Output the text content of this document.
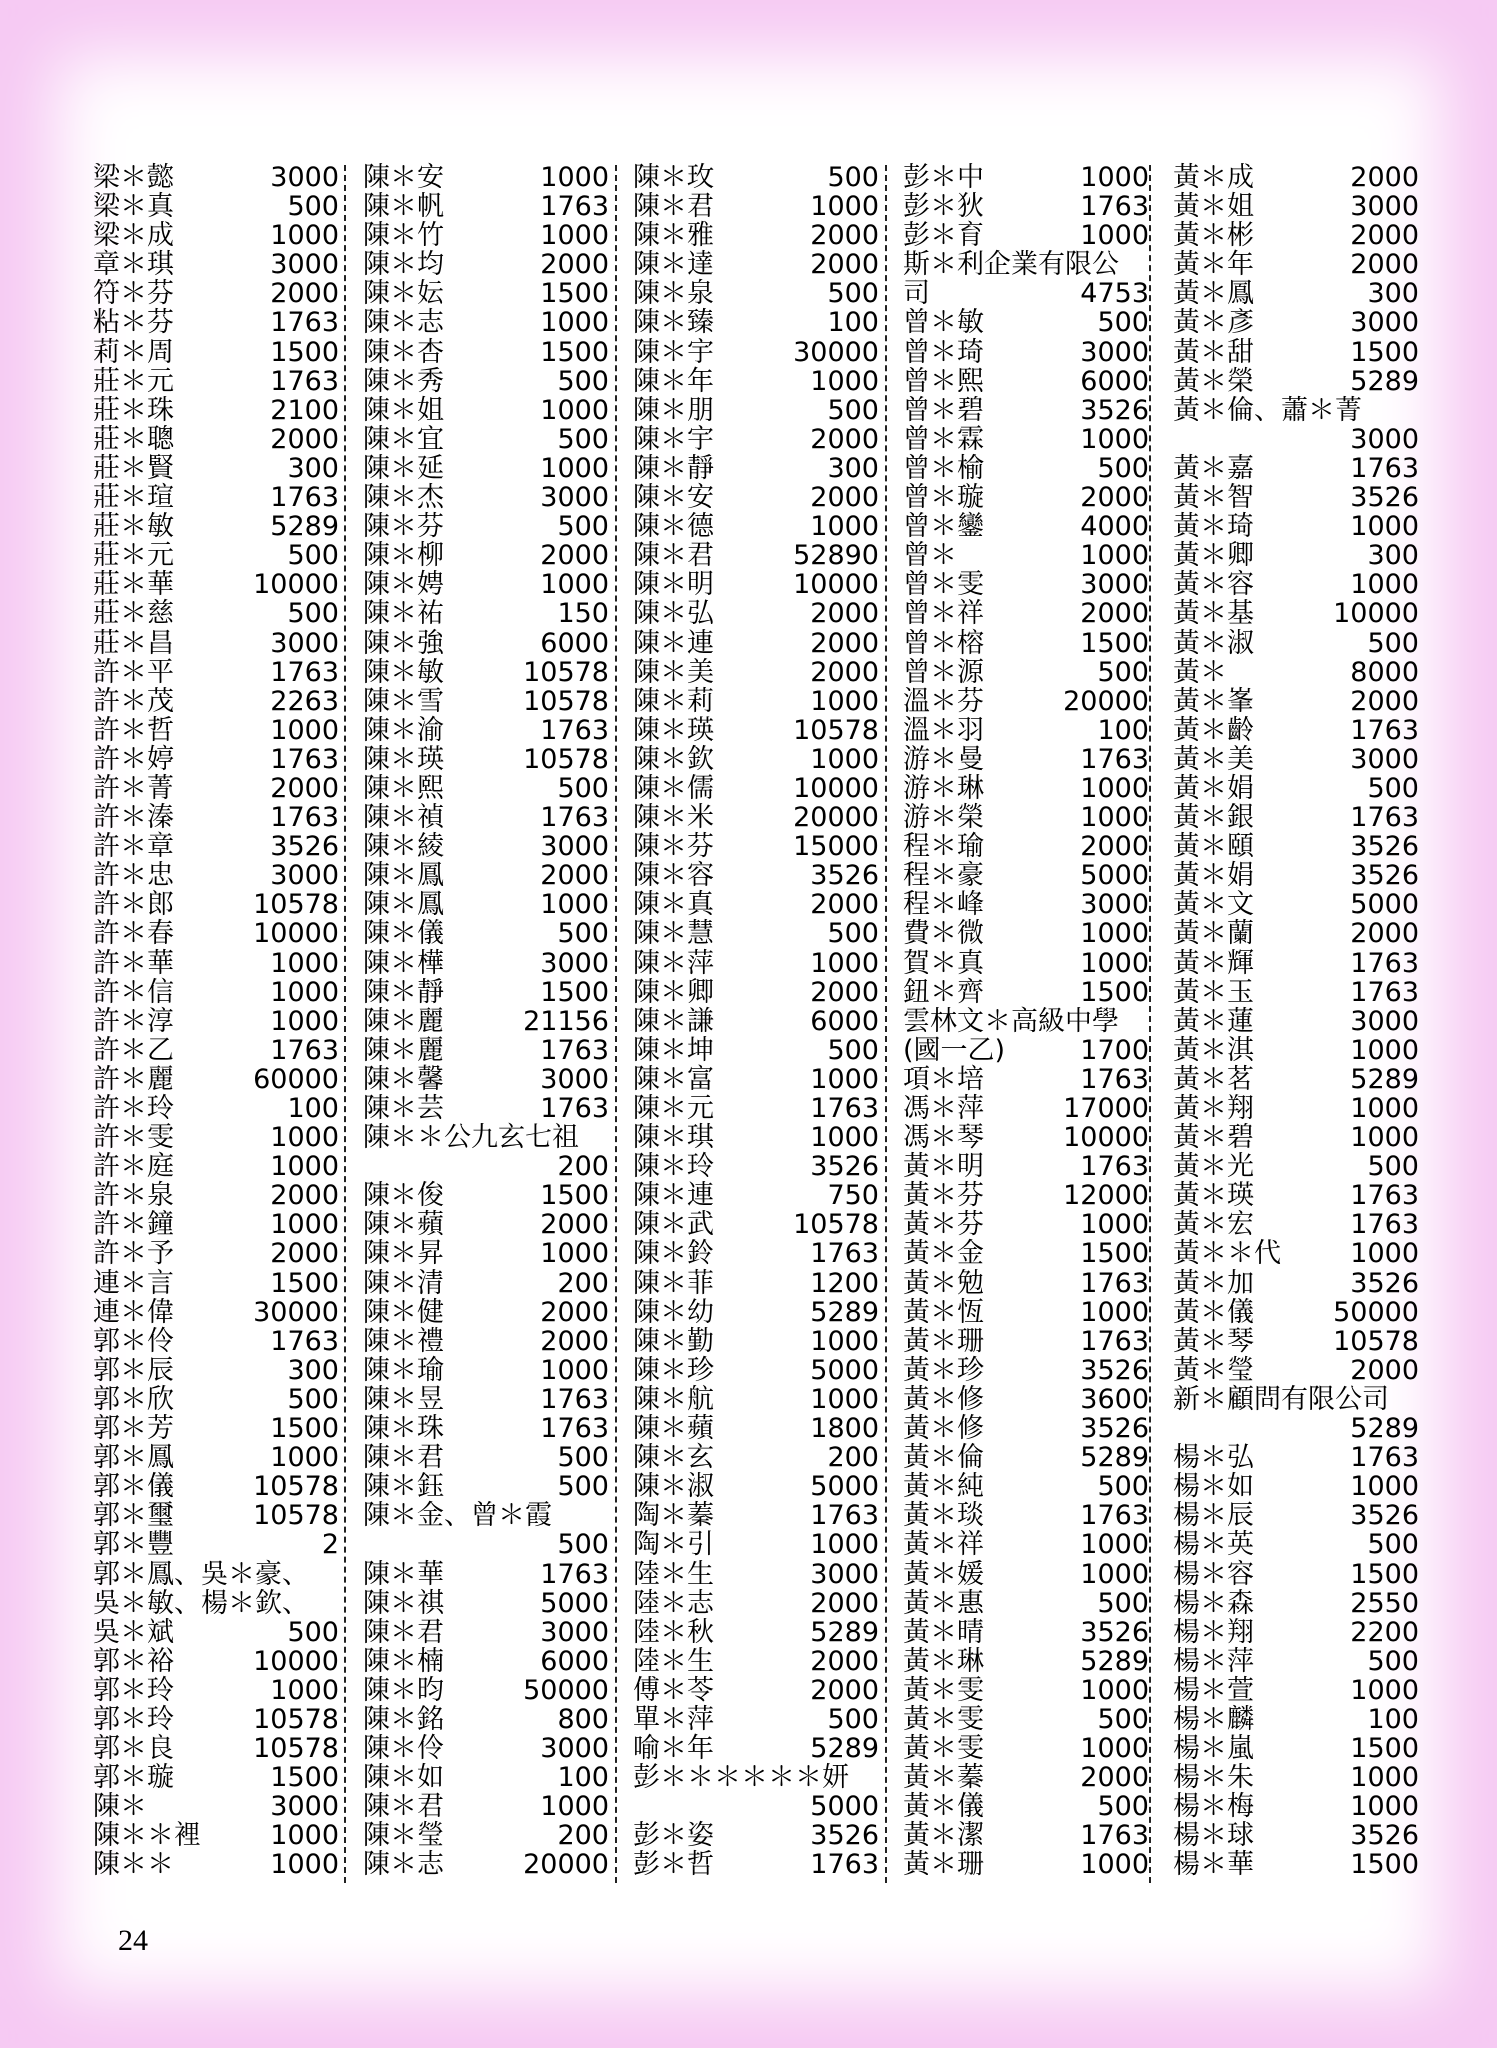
梁＊懿	3000
梁＊真	500
梁＊成	1000
章＊琪	3000
符＊芬	2000
粘＊芬	1763
莉＊周	1500
莊＊元	1763
莊＊珠	2100
莊＊聰	2000
莊＊賢	300
莊＊瑄	1763
莊＊敏	5289
莊＊元	500
莊＊華	10000
莊＊慈	500
莊＊昌	3000
許＊平	1763
許＊茂	2263
許＊哲	1000
許＊婷	1763
許＊菁	2000
許＊溱	1763
許＊章	3526
許＊忠	3000
許＊郎	10578
許＊春	10000
許＊華	1000
許＊信	1000
許＊淳	1000
許＊乙	1763
許＊麗	60000
許＊玲	100
許＊雯	1000
許＊庭	1000
許＊泉	2000
許＊鐘	1000
許＊予	2000
連＊言	1500
連＊偉	30000
郭＊伶	1763
郭＊辰	300
郭＊欣	500
郭＊芳	1500
郭＊鳳	1000
郭＊儀	10578
郭＊璽	10578
郭＊豐	2
郭＊鳳、吳＊豪、
吳＊敏、楊＊欽、
吳＊斌	500
郭＊裕	10000
郭＊玲	1000
郭＊玲	10578
郭＊良	10578
郭＊璇	1500
陳＊	3000
陳＊＊裡	1000
陳＊＊	1000
陳＊安	1000
陳＊帆	1763
陳＊竹	1000
陳＊均	2000
陳＊妘	1500
陳＊志	1000
陳＊杏	1500
陳＊秀	500
陳＊姐	1000
陳＊宜	500
陳＊延	1000
陳＊杰	3000
陳＊芬	500
陳＊柳	2000
陳＊娉	1000
陳＊祐	150
陳＊強	6000
陳＊敏	10578
陳＊雪	10578
陳＊渝	1763
陳＊瑛	10578
陳＊熙	500
陳＊禎	1763
陳＊綾	3000
陳＊鳳	2000
陳＊鳳	1000
陳＊儀	500
陳＊樺	3000
陳＊靜	1500
陳＊麗	21156
陳＊麗	1763
陳＊馨	3000
陳＊芸	1763
陳＊＊公九玄七祖
200
陳＊俊	1500
陳＊蘋	2000
陳＊昇	1000
陳＊清	200
陳＊健	2000
陳＊禮	2000
陳＊瑜	1000
陳＊昱	1763
陳＊珠	1763
陳＊君	500
陳＊鈺	500
陳＊金、曾＊霞
500
陳＊華	1763
陳＊祺	5000
陳＊君	3000
陳＊楠	6000
陳＊昀	50000
陳＊銘	800
陳＊伶	3000
陳＊如	100
陳＊君	1000
陳＊瑩	200
陳＊志	20000
陳＊玫	500
陳＊君	1000
陳＊雅	2000
陳＊達	2000
陳＊泉	500
陳＊臻	100
陳＊宇	30000
陳＊年	1000
陳＊朋	500
陳＊宇	2000
陳＊靜	300
陳＊安	2000
陳＊德	1000
陳＊君	52890
陳＊明	10000
陳＊弘	2000
陳＊連	2000
陳＊美	2000
陳＊莉	1000
陳＊瑛	10578
陳＊欽	1000
陳＊儒	10000
陳＊米	20000
陳＊芬	15000
陳＊容	3526
陳＊真	2000
陳＊慧	500
陳＊萍	1000
陳＊卿	2000
陳＊謙	6000
陳＊坤	500
陳＊富	1000
陳＊元	1763
陳＊琪	1000
陳＊玲	3526
陳＊連	750
陳＊武	10578
陳＊鈴	1763
陳＊菲	1200
陳＊幼	5289
陳＊勤	1000
陳＊珍	5000
陳＊航	1000
陳＊蘋	1800
陳＊玄	200
陳＊淑	5000
陶＊蓁	1763
陶＊引	1000
陸＊生	3000
陸＊志	2000
陸＊秋	5289
陸＊生	2000
傅＊苓	2000
單＊萍	500
喻＊年	5289
彭＊＊＊＊＊＊妍
5000
彭＊姿	3526
彭＊哲	1763
彭＊中	1000
彭＊狄	1763
彭＊育	1000
斯＊利企業有限公
司	4753
曾＊敏	500
曾＊琦	3000
曾＊熙	6000
曾＊碧	3526
曾＊霖	1000
曾＊榆	500
曾＊璇	2000
曾＊鑾	4000
曾＊	1000
曾＊雯	3000
曾＊祥	2000
曾＊榕	1500
曾＊源	500
溫＊芬	20000
溫＊羽	100
游＊曼	1763
游＊琳	1000
游＊榮	1000
程＊瑜	2000
程＊豪	5000
程＊峰	3000
費＊微	1000
賀＊真	1000
鈕＊齊	1500
雲林文＊高級中學
(國一乙)	1700
項＊培	1763
馮＊萍	17000
馮＊琴	10000
黃＊明	1763
黃＊芬	12000
黃＊芬	1000
黃＊金	1500
黃＊勉	1763
黃＊恆	1000
黃＊珊	1763
黃＊珍	3526
黃＊修	3600
黃＊修	3526
黃＊倫	5289
黃＊純	500
黃＊琰	1763
黃＊祥	1000
黃＊媛	1000
黃＊惠	500
黃＊晴	3526
黃＊琳	5289
黃＊雯	1000
黃＊雯	500
黃＊雯	1000
黃＊蓁	2000
黃＊儀	500
黃＊潔	1763
黃＊珊	1000
黃＊成	2000
黃＊姐	3000
黃＊彬	2000
黃＊年	2000
黃＊鳳	300
黃＊彥	3000
黃＊甜	1500
黃＊榮	5289
黃＊倫、蕭＊菁
3000
黃＊嘉	1763
黃＊智	3526
黃＊琦	1000
黃＊卿	300
黃＊容	1000
黃＊基	10000
黃＊淑	500
黃＊	8000
黃＊峯	2000
黃＊齡	1763
黃＊美	3000
黃＊娟	500
黃＊銀	1763
黃＊頤	3526
黃＊娟	3526
黃＊文	5000
黃＊蘭	2000
黃＊輝	1763
黃＊玉	1763
黃＊蓮	3000
黃＊淇	1000
黃＊茗	5289
黃＊翔	1000
黃＊碧	1000
黃＊光	500
黃＊瑛	1763
黃＊宏	1763
黃＊＊代	1000
黃＊加	3526
黃＊儀	50000
黃＊琴	10578
黃＊瑩	2000
新＊顧問有限公司
5289
楊＊弘	1763
楊＊如	1000
楊＊辰	3526
楊＊英	500
楊＊容	1500
楊＊森	2550
楊＊翔	2200
楊＊萍	500
楊＊萱	1000
楊＊麟	100
楊＊嵐	1500
楊＊朱	1000
楊＊梅	1000
楊＊球	3526
楊＊華	1500
24
